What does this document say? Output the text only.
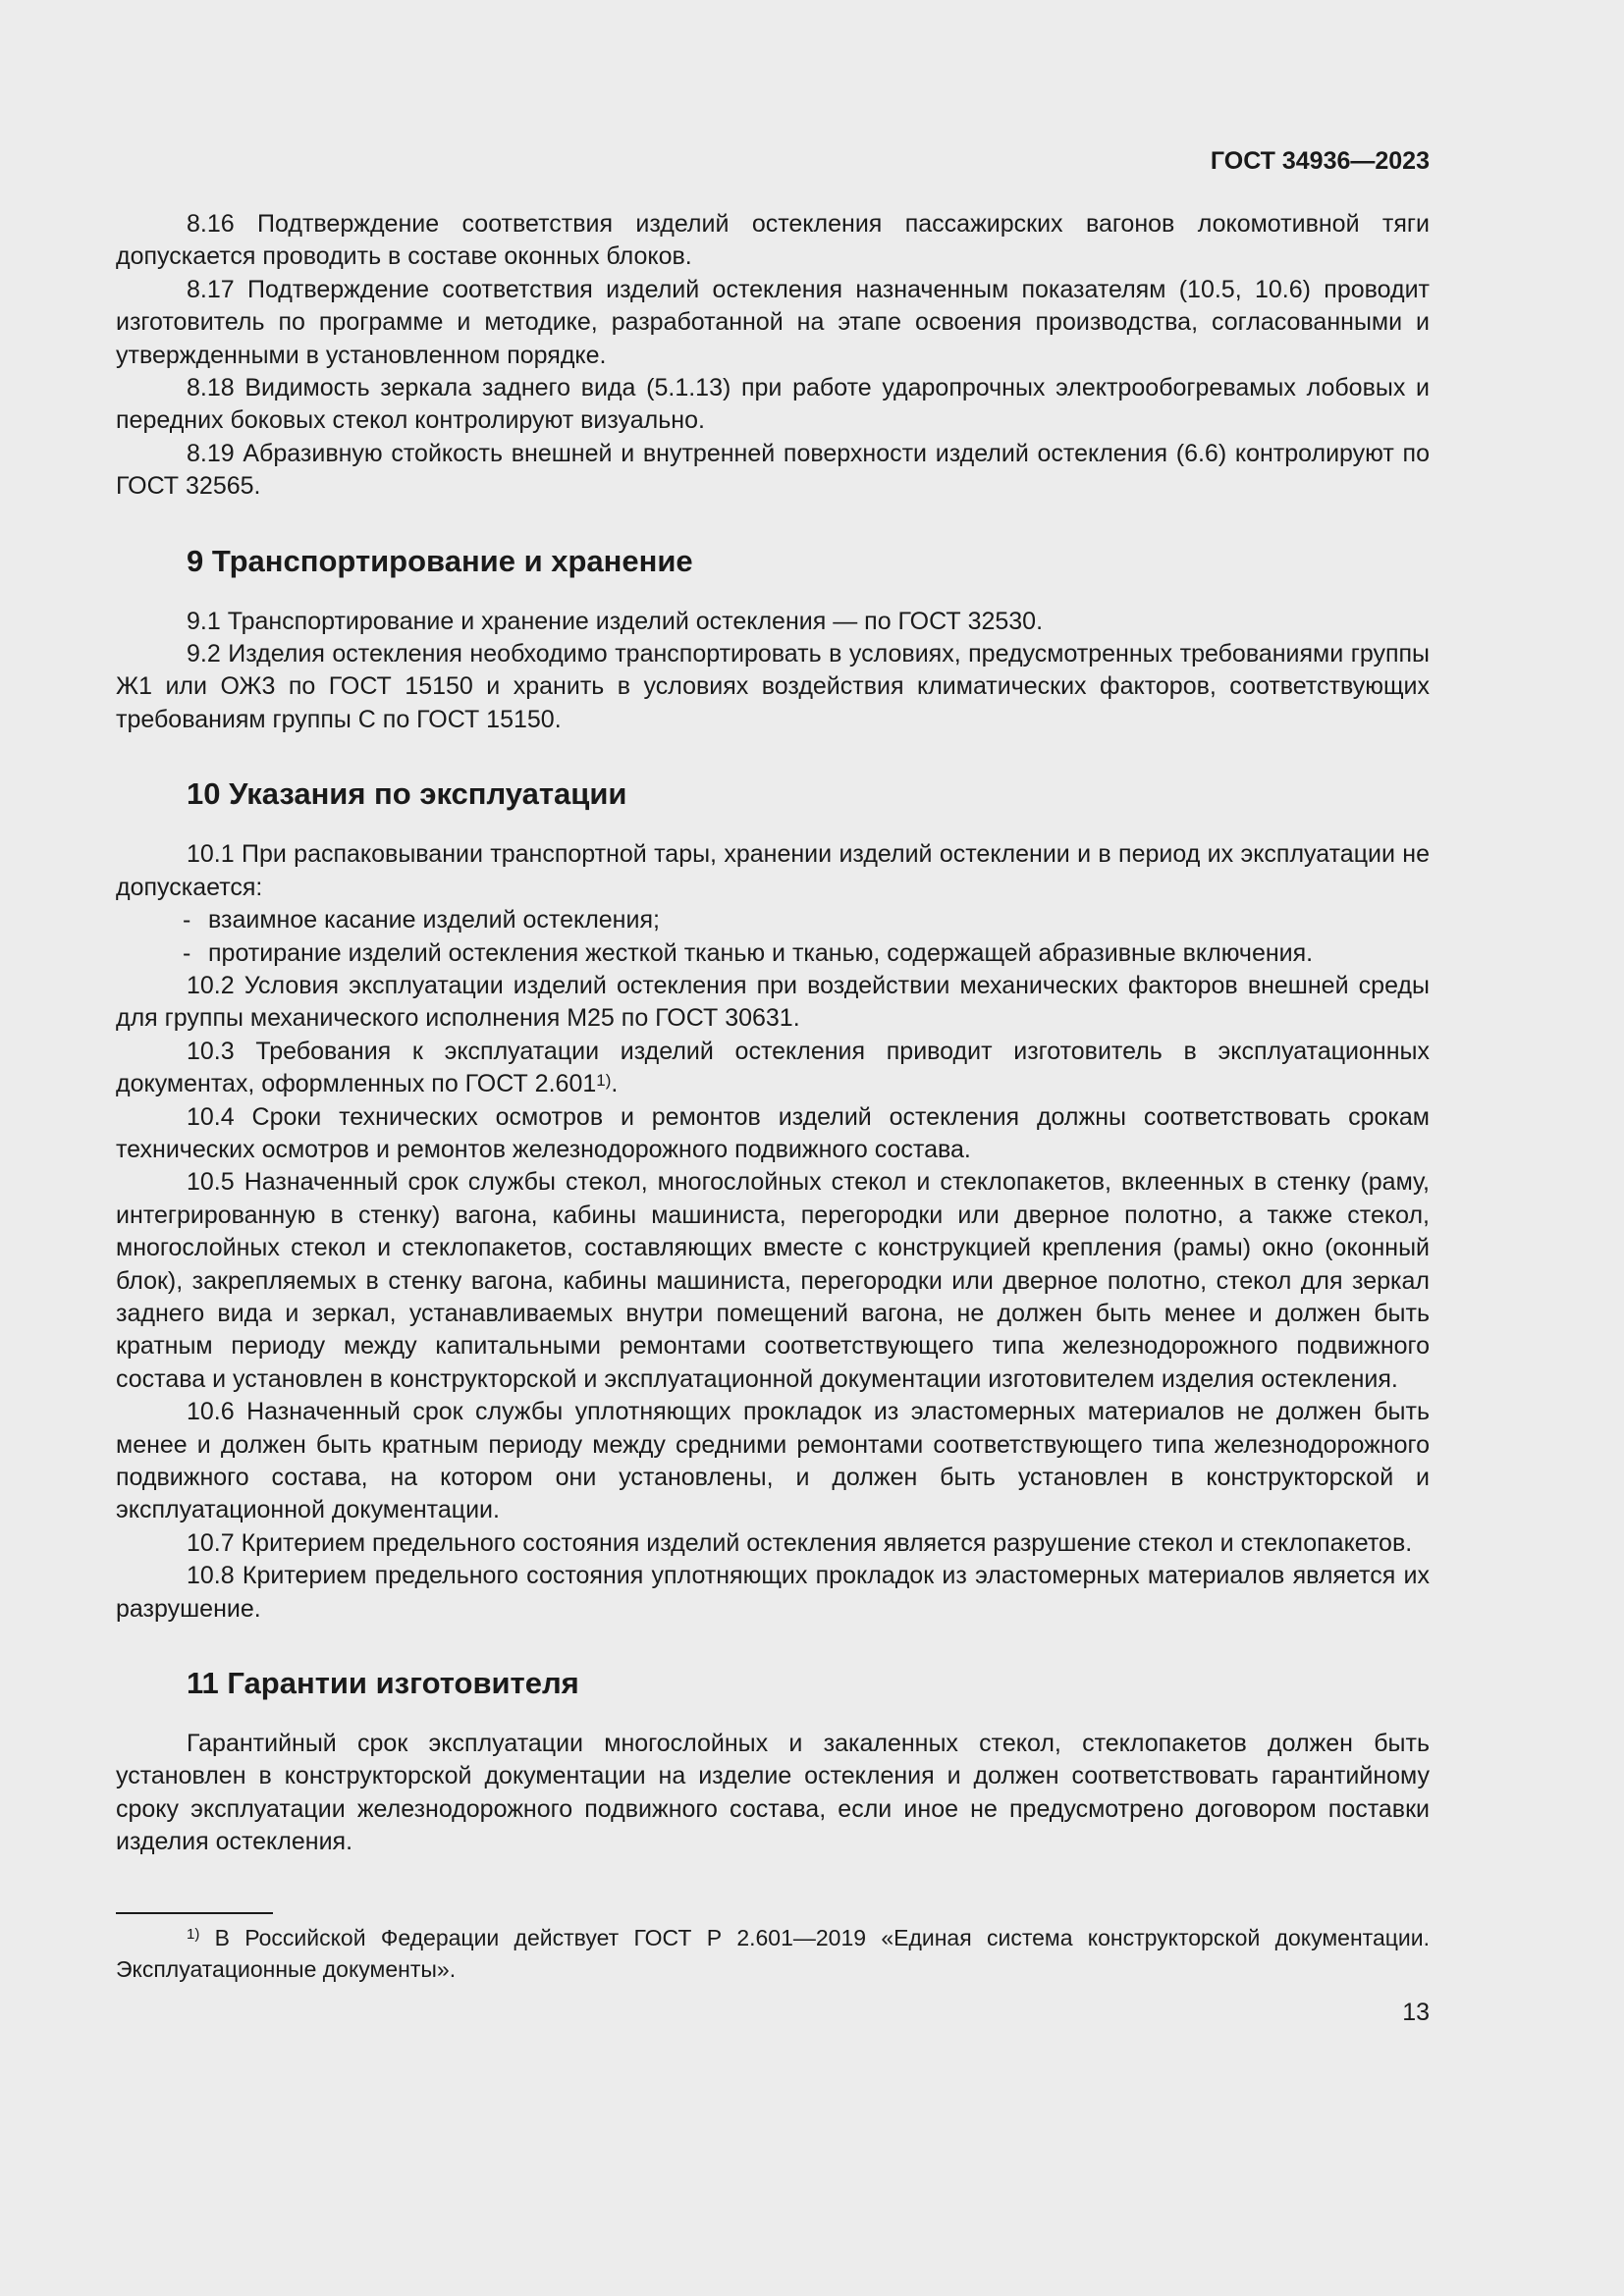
ГОСТ 34936—2023

8.16 Подтверждение соответствия изделий остекления пассажирских вагонов локомотивной тяги допускается проводить в составе оконных блоков.

8.17 Подтверждение соответствия изделий остекления назначенным показателям (10.5, 10.6) проводит изготовитель по программе и методике, разработанной на этапе освоения производства, согласованными и утвержденными в установленном порядке.

8.18 Видимость зеркала заднего вида (5.1.13) при работе ударопрочных электрообогревамых лобовых и передних боковых стекол контролируют визуально.

8.19 Абразивную стойкость внешней и внутренней поверхности изделий остекления (6.6) контролируют по ГОСТ 32565.

9 Транспортирование и хранение

9.1 Транспортирование и хранение изделий остекления — по ГОСТ 32530.

9.2 Изделия остекления необходимо транспортировать в условиях, предусмотренных требованиями группы Ж1 или ОЖ3 по ГОСТ 15150 и хранить в условиях воздействия климатических факторов, соответствующих требованиям группы С по ГОСТ 15150.

10 Указания по эксплуатации

10.1 При распаковывании транспортной тары, хранении изделий остеклении и в период их эксплуатации не допускается:

- взаимное касание изделий остекления;

- протирание изделий остекления жесткой тканью и тканью, содержащей абразивные включения.

10.2 Условия эксплуатации изделий остекления при воздействии механических факторов внешней среды для группы механического исполнения М25 по ГОСТ 30631.

10.3 Требования к эксплуатации изделий остекления приводит изготовитель в эксплуатационных документах, оформленных по ГОСТ 2.601$^{1)}$.

10.4 Сроки технических осмотров и ремонтов изделий остекления должны соответствовать срокам технических осмотров и ремонтов железнодорожного подвижного состава.

10.5 Назначенный срок службы стекол, многослойных стекол и стеклопакетов, вклеенных в стенку (раму, интегрированную в стенку) вагона, кабины машиниста, перегородки или дверное полотно, а также стекол, многослойных стекол и стеклопакетов, составляющих вместе с конструкцией крепления (рамы) окно (оконный блок), закрепляемых в стенку вагона, кабины машиниста, перегородки или дверное полотно, стекол для зеркал заднего вида и зеркал, устанавливаемых внутри помещений вагона, не должен быть менее и должен быть кратным периоду между капитальными ремонтами соответствующего типа железнодорожного подвижного состава и установлен в конструкторской и эксплуатационной документации изготовителем изделия остекления.

10.6 Назначенный срок службы уплотняющих прокладок из эластомерных материалов не должен быть менее и должен быть кратным периоду между средними ремонтами соответствующего типа железнодорожного подвижного состава, на котором они установлены, и должен быть установлен в конструкторской и эксплуатационной документации.

10.7 Критерием предельного состояния изделий остекления является разрушение стекол и стеклопакетов.

10.8 Критерием предельного состояния уплотняющих прокладок из эластомерных материалов является их разрушение.

11 Гарантии изготовителя

Гарантийный срок эксплуатации многослойных и закаленных стекол, стеклопакетов должен быть установлен в конструкторской документации на изделие остекления и должен соответствовать гарантийному сроку эксплуатации железнодорожного подвижного состава, если иное не предусмотрено договором поставки изделия остекления.

$^{1)}$ В Российской Федерации действует ГОСТ Р 2.601—2019 «Единая система конструкторской документации. Эксплуатационные документы».

13
